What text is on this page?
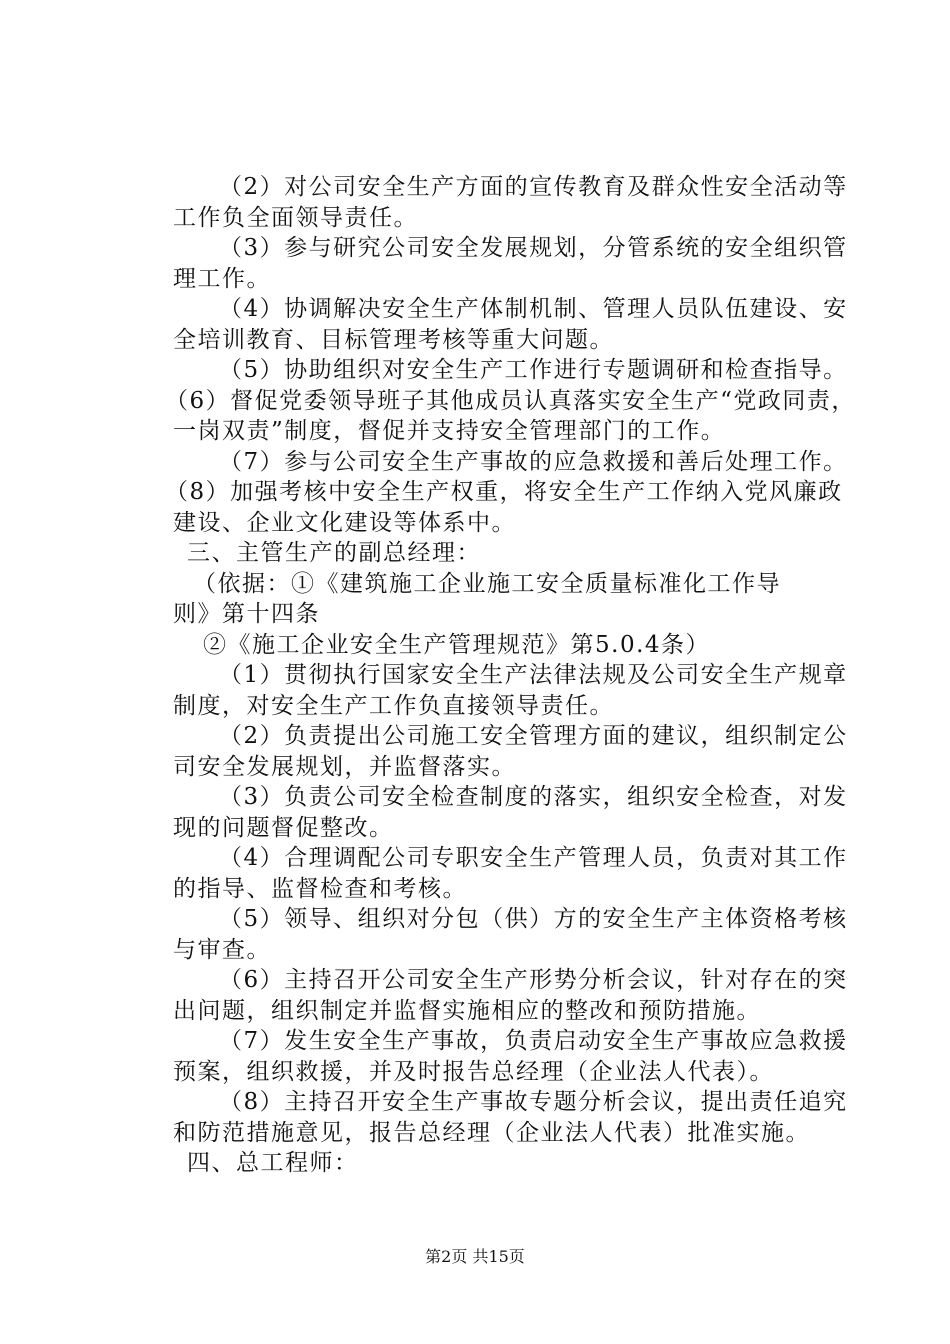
（2）对公司安全生产方面的宣传教育及群众性安全活动等
工作负全面领导责任。
（3）参与研究公司安全发展规划，分管系统的安全组织管
理工作。
（4）协调解决安全生产体制机制、管理人员队伍建设、安
全培训教育、目标管理考核等重大问题。
（5）协助组织对安全生产工作进行专题调研和检查指导。
（6）督促党委领导班子其他成员认真落实安全生产“党政同责，
一岗双责”制度，督促并支持安全管理部门的工作。
（7）参与公司安全生产事故的应急救援和善后处理工作。
（8）加强考核中安全生产权重，将安全生产工作纳入党风廉政
建设、企业文化建设等体系中。
三、主管生产的副总经理：
（依据：①《建筑施工企业施工安全质量标准化工作导
则》第十四条
②《施工企业安全生产管理规范》第5.0.4条）
（1）贯彻执行国家安全生产法律法规及公司安全生产规章
制度，对安全生产工作负直接领导责任。
（2）负责提出公司施工安全管理方面的建议，组织制定公
司安全发展规划，并监督落实。
（3）负责公司安全检查制度的落实，组织安全检查，对发
现的问题督促整改。
（4）合理调配公司专职安全生产管理人员，负责对其工作
的指导、监督检查和考核。
（5）领导、组织对分包（供）方的安全生产主体资格考核
与审查。
（6）主持召开公司安全生产形势分析会议，针对存在的突
出问题，组织制定并监督实施相应的整改和预防措施。
（7）发生安全生产事故，负责启动安全生产事故应急救援
预案，组织救援，并及时报告总经理（企业法人代表）。
（8）主持召开安全生产事故专题分析会议，提出责任追究
和防范措施意见，报告总经理（企业法人代表）批准实施。
四、总工程师：
第2页 共15页
